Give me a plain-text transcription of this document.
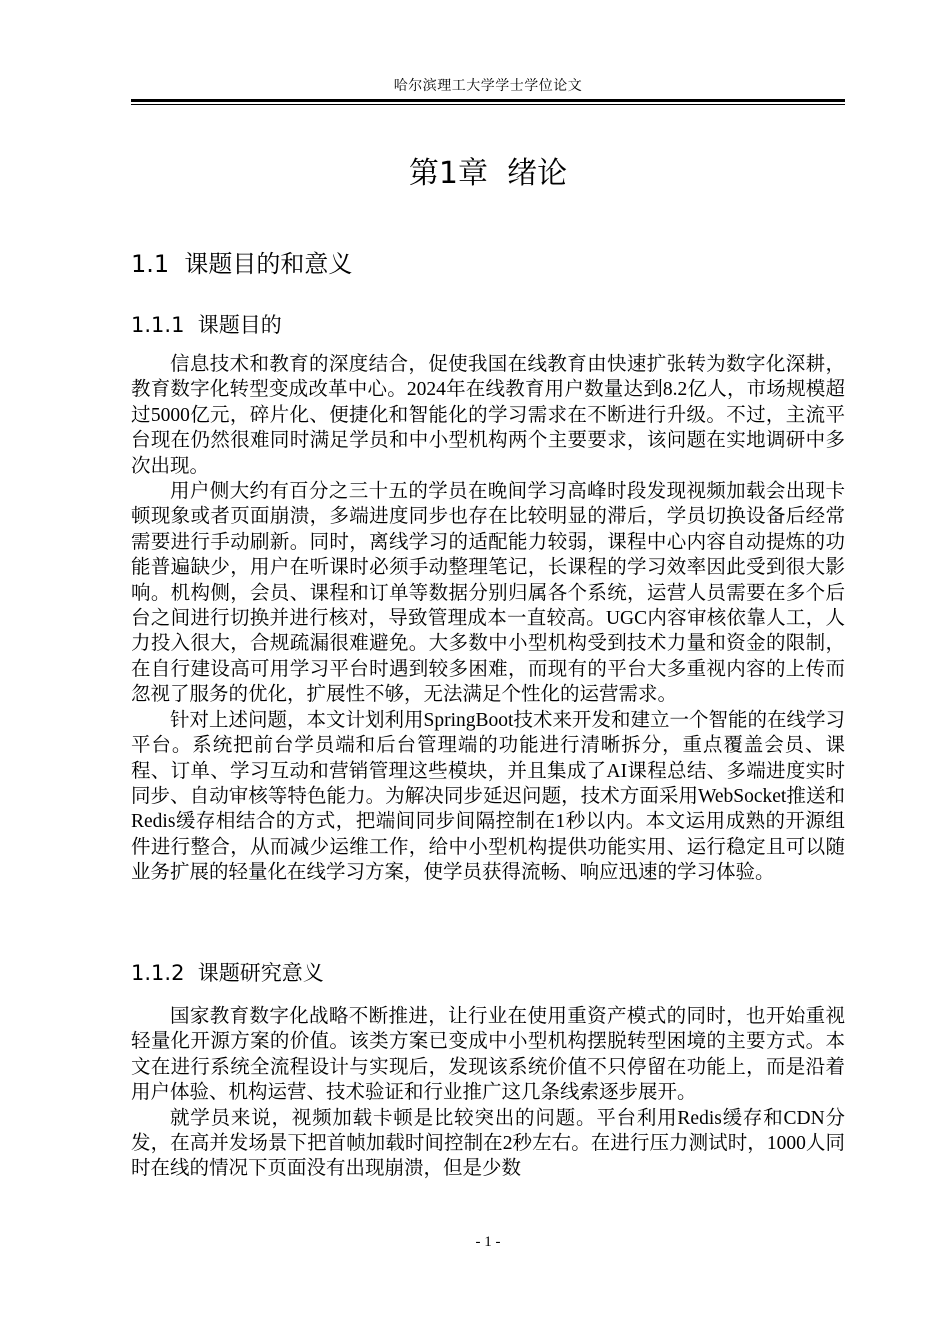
哈尔滨理工大学学士学位论文
第1章  绪论
1.1  课题目的和意义
1.1.1  课题目的

信息技术和教育的深度结合，促使我国在线教育由快速扩张转为数字化深耕，教育数字化转型变成改革中心。2024年在线教育用户数量达到8.2亿人，市场规模超过5000亿元，碎片化、便捷化和智能化的学习需求在不断进行升级。不过，主流平台现在仍然很难同时满足学员和中小型机构两个主要要求，该问题在实地调研中多次出现。

用户侧大约有百分之三十五的学员在晚间学习高峰时段发现视频加载会出现卡顿现象或者页面崩溃，多端进度同步也存在比较明显的滞后，学员切换设备后经常需要进行手动刷新。同时，离线学习的适配能力较弱，课程中心内容自动提炼的功能普遍缺少，用户在听课时必须手动整理笔记，长课程的学习效率因此受到很大影响。机构侧，会员、课程和订单等数据分别归属各个系统，运营人员需要在多个后台之间进行切换并进行核对，导致管理成本一直较高。UGC内容审核依靠人工，人力投入很大，合规疏漏很难避免。大多数中小型机构受到技术力量和资金的限制，在自行建设高可用学习平台时遇到较多困难，而现有的平台大多重视内容的上传而忽视了服务的优化，扩展性不够，无法满足个性化的运营需求。

针对上述问题，本文计划利用SpringBoot技术来开发和建立一个智能的在线学习平台。系统把前台学员端和后台管理端的功能进行清晰拆分，重点覆盖会员、课程、订单、学习互动和营销管理这些模块，并且集成了AI课程总结、多端进度实时同步、自动审核等特色能力。为解决同步延迟问题，技术方面采用WebSocket推送和Redis缓存相结合的方式，把端间同步间隔控制在1秒以内。本文运用成熟的开源组件进行整合，从而减少运维工作，给中小型机构提供功能实用、运行稳定且可以随业务扩展的轻量化在线学习方案，使学员获得流畅、响应迅速的学习体验。

1.1.2  课题研究意义

国家教育数字化战略不断推进，让行业在使用重资产模式的同时，也开始重视轻量化开源方案的价值。该类方案已变成中小型机构摆脱转型困境的主要方式。本文在进行系统全流程设计与实现后，发现该系统价值不只停留在功能上，而是沿着用户体验、机构运营、技术验证和行业推广这几条线索逐步展开。

就学员来说，视频加载卡顿是比较突出的问题。平台利用Redis缓存和CDN分发，在高并发场景下把首帧加载时间控制在2秒左右。在进行压力测试时，1000人同时在线的情况下页面没有出现崩溃，但是少数

- 1 -
